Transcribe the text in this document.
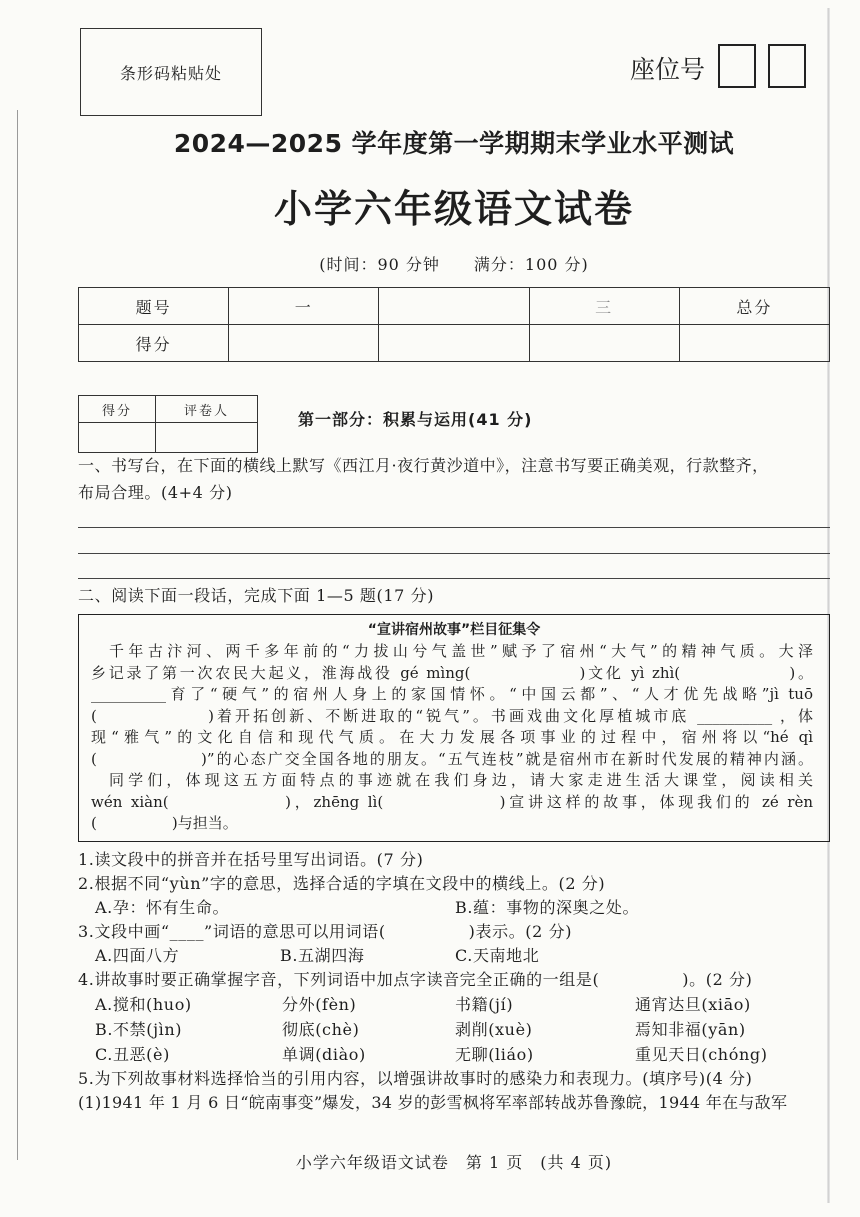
条形码粘贴处	座位号
2024—2025 学年度第一学期期末学业水平测试
小学六年级语文试卷
(时间：90 分钟　　满分：100 分)
题号	一		三	总分
得分				
得分	评卷人
		第一部分：积累与运用(41 分)
一、书写台，在下面的横线上默写《西江月·夜行黄沙道中》，注意书写要正确美观，行款整齐，
布局合理。(4+4 分)
二、阅读下面一段话，完成下面 1—5 题(17 分)
“宣讲宿州故事”栏目征集令
千年古汴河、两千多年前的“力拔山兮气盖世”赋予了宿州“大气”的精神气质。大泽
乡记录了第一次农民大起义，淮海战役 gé mìng(　　　　　　)文化 yì zhì(　　　　　　)。
__________育了“硬气”的宿州人身上的家国情怀。“中国云都”、“人才优先战略”jì tuō
(　　　　　　)着开拓创新、不断进取的“锐气”。书画戏曲文化厚植城市底 __________ ，体
现“雅气”的文化自信和现代气质。在大力发展各项事业的过程中，宿州将以“hé qì
(　　　　　　)”的心态广交全国各地的朋友。“五气连枝”就是宿州市在新时代发展的精神内涵。
同学们，体现这五方面特点的事迹就在我们身边，请大家走进生活大课堂，阅读相关
wén xiàn(　　　　　　)，zhēng lì(　　　　　　)宣讲这样的故事，体现我们的 zé rèn
(　　　　　)与担当。
1.读文段中的拼音并在括号里写出词语。(7 分)
2.根据不同“yùn”字的意思，选择合适的字填在文段中的横线上。(2 分)
A.孕：怀有生命。	B.蕴：事物的深奥之处。
3.文段中画“____”词语的意思可以用词语(　　　　　)表示。(2 分)
A.四面八方	B.五湖四海	C.天南地北
4.讲故事时要正确掌握字音，下列词语中加点字读音完全正确的一组是(　　　　　)。(2 分)
A.搅和(huo)	分外(fèn)	书籍(jí)	通宵达旦(xiāo)
B.不禁(jìn)	彻底(chè)	剥削(xuè)	焉知非福(yān)
C.丑恶(è)	单调(diào)	无聊(liáo)	重见天日(chóng)
5.为下列故事材料选择恰当的引用内容，以增强讲故事时的感染力和表现力。(填序号)(4 分)
(1)1941 年 1 月 6 日“皖南事变”爆发，34 岁的彭雪枫将军率部转战苏鲁豫皖，1944 年在与敌军
小学六年级语文试卷　第 1 页　(共 4 页)
